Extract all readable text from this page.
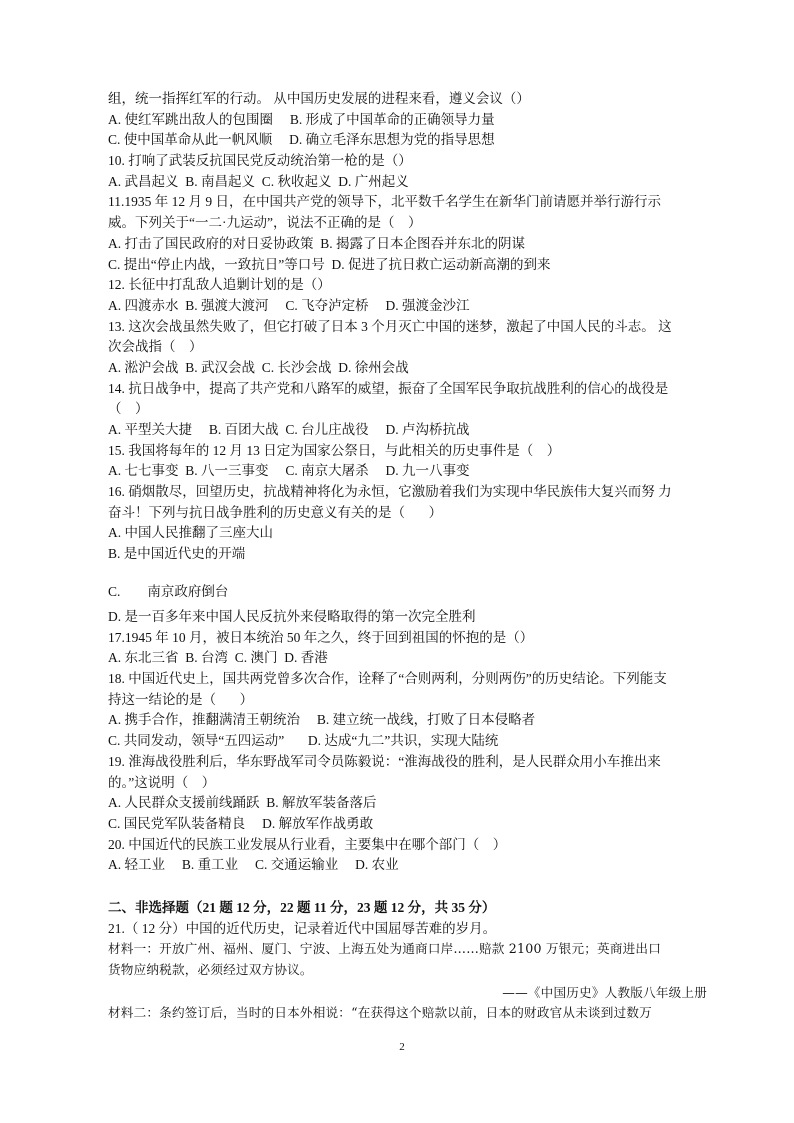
组，统一指挥红军的行动。 从中国历史发展的进程来看，遵义会议（）
A. 使红军跳出敌人的包围圈     B. 形成了中国革命的正确领导力量
C. 使中国革命从此一帆风顺     D. 确立毛泽东思想为党的指导思想
10. 打响了武装反抗国民党反动统治第一枪的是（）
A. 武昌起义  B. 南昌起义  C. 秋收起义  D. 广州起义
11.1935 年 12 月 9 日，在中国共产党的领导下，北平数千名学生在新华门前请愿并举行游行示
威。下列关于“一二·九运动”，说法不正确的是（    ）
A. 打击了国民政府的对日妥协政策  B. 揭露了日本企图吞并东北的阴谋
C. 提出“停止内战，一致抗日”等口号  D. 促进了抗日救亡运动新高潮的到来
12. 长征中打乱敌人追剿计划的是（）
A. 四渡赤水  B. 强渡大渡河     C. 飞夺泸定桥     D. 强渡金沙江
13. 这次会战虽然失败了，但它打破了日本 3 个月灭亡中国的迷梦，激起了中国人民的斗志。 这
次会战指（    ）
A. 淞沪会战  B. 武汉会战  C. 长沙会战  D. 徐州会战
14. 抗日战争中，提高了共产党和八路军的威望，振奋了全国军民争取抗战胜利的信心的战役是
（    ）
A. 平型关大捷     B. 百团大战  C. 台儿庄战役     D. 卢沟桥抗战
15. 我国将每年的 12 月 13 日定为国家公祭日，与此相关的历史事件是（    ）
A. 七七事变  B. 八一三事变     C. 南京大屠杀     D. 九一八事变
16. 硝烟散尽，回望历史，抗战精神将化为永恒，它激励着我们为实现中华民族伟大复兴而努 力
奋斗！下列与抗日战争胜利的历史意义有关的是（       ）
A. 中国人民推翻了三座大山
B. 是中国近代史的开端
C.        南京政府倒台
D. 是一百多年来中国人民反抗外来侵略取得的第一次完全胜利
17.1945 年 10 月，被日本统治 50 年之久，终于回到祖国的怀抱的是（）
A. 东北三省  B. 台湾  C. 澳门  D. 香港
18. 中国近代史上，国共两党曾多次合作，诠释了“合则两利，分则两伤”的历史结论。下列能支
持这一结论的是（       ）
A. 携手合作，推翻满清王朝统治     B. 建立统一战线，打败了日本侵略者
C. 共同发动，领导“五四运动”       D. 达成“九二”共识，实现大陆统
19. 淮海战役胜利后，华东野战军司令员陈毅说：“淮海战役的胜利，是人民群众用小车推出来
的。”这说明（    ）
A. 人民群众支援前线踊跃  B. 解放军装备落后
C. 国民党军队装备精良     D. 解放军作战勇敢
20. 中国近代的民族工业发展从行业看，主要集中在哪个部门（    ）
A. 轻工业     B. 重工业     C. 交通运输业     D. 农业
二、非选择题（21 题 12 分，22 题 11 分，23 题 12 分，共 35 分）
21.（ 12 分）中国的近代历史，记录着近代中国屈辱苦难的岁月。
材料一：开放广州、福州、厦门、宁波、上海五处为通商口岸……赔款 2100 万银元；英商进出口
货物应纳税款，必须经过双方协议。
——《中国历史》人教版八年级上册
材料二：条约签订后，当时的日本外相说：“在获得这个赔款以前，日本的财政官从未谈到过数万
2
